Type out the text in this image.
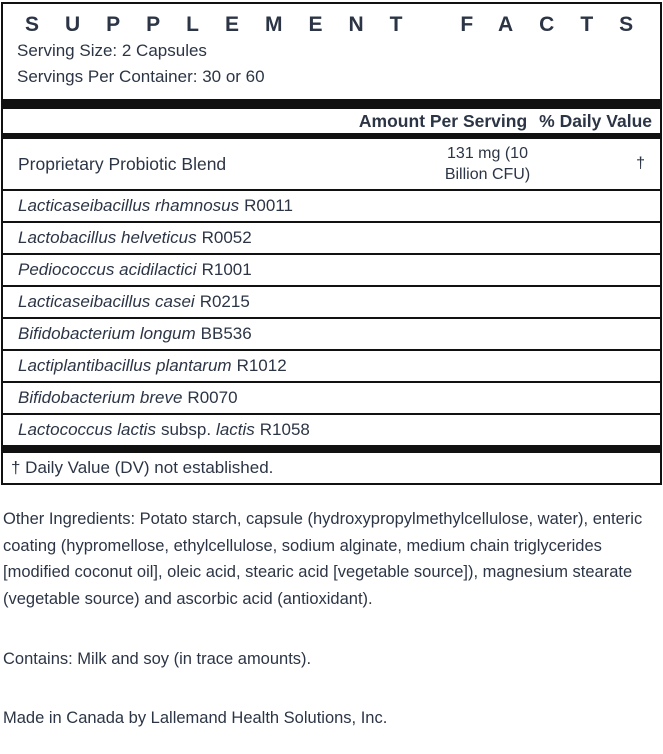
SUPPLEMENT FACTS
Serving Size: 2 Capsules
Servings Per Container: 30 or 60
Amount Per Serving % Daily Value
Proprietary Probiotic Blend	131 mg (10
Billion CFU)
†
Lacticaseibacillus rhamnosus R0011
Lactobacillus helveticus R0052
Pediococcus acidilactici R1001
Lacticaseibacillus casei R0215
Bifidobacterium longum BB536
Lactiplantibacillus plantarum R1012
Bifidobacterium breve R0070
Lactococcus lactis subsp. lactis R1058
† Daily Value (DV) not established.

Other Ingredients: Potato starch, capsule (hydroxypropylmethylcellulose, water), enteric coating (hypromellose, ethylcellulose, sodium alginate, medium chain triglycerides [modified coconut oil], oleic acid, stearic acid [vegetable source]), magnesium stearate (vegetable source) and ascorbic acid (antioxidant).

Contains: Milk and soy (in trace amounts).

Made in Canada by Lallemand Health Solutions, Inc.
